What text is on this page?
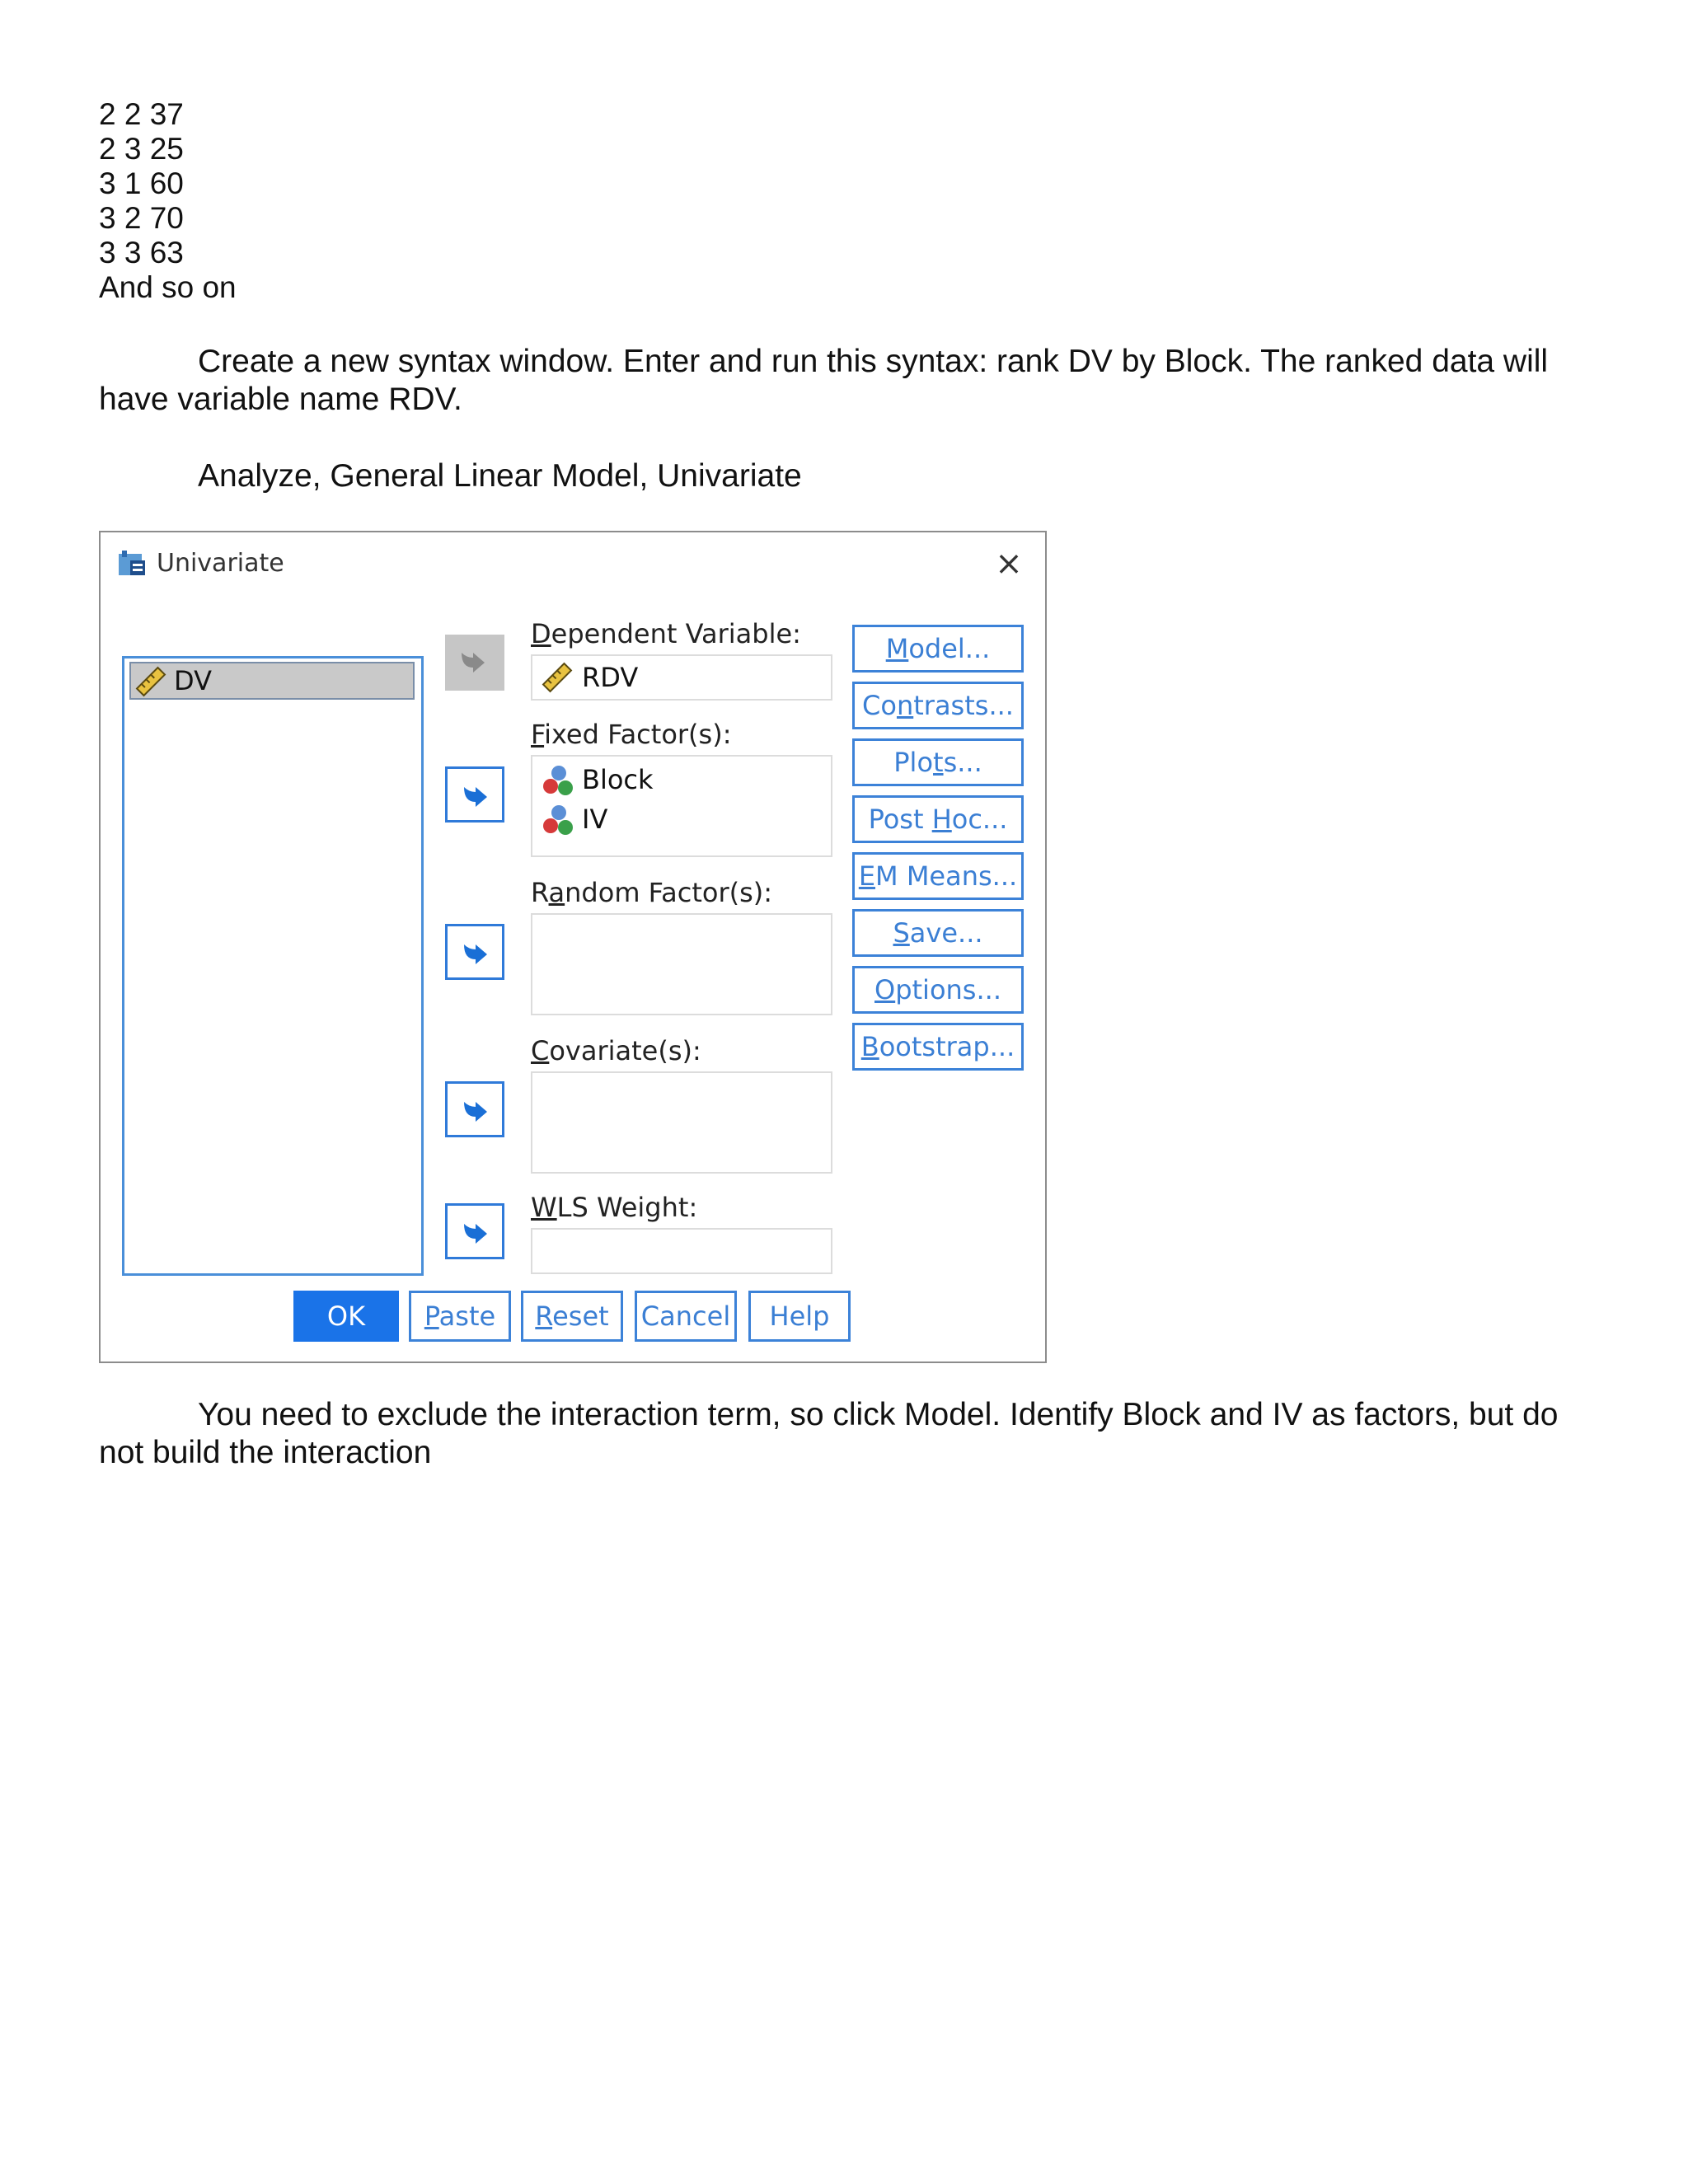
2 2 37

2 3 25

3 1 60

3 2 70

3 3 63

And so on

Create a new syntax window. Enter and run this syntax: rank DV by Block. The ranked data will have variable name RDV.

Analyze, General Linear Model, Univariate

Univariate	×
DV
Dependent Variable:
RDV
Fixed Factor(s):
Block
IV
Random Factor(s):
Covariate(s):
WLS Weight:
Model...
Contrasts...
Plots...
Post Hoc...
EM Means...
Save...
Options...
Bootstrap...
OK	Paste	Reset	Cancel	Help

You need to exclude the interaction term, so click Model. Identify Block and IV as factors, but do not build the interaction
